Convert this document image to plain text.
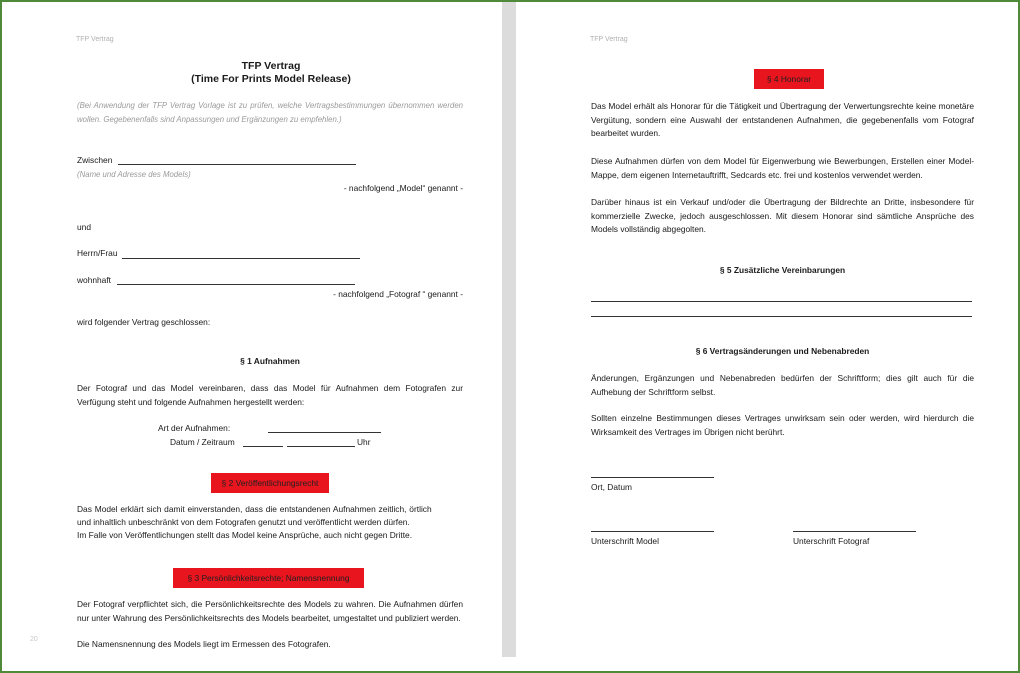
TFP Vertrag
TFP Vertrag
(Time For Prints Model Release)
(Bei Anwendung der TFP Vertrag Vorlage ist zu prüfen, welche Vertragsbestimmungen übernommen werden wollen. Gegebenenfalls sind Anpassungen und Ergänzungen zu empfehlen.)
Zwischen
(Name und Adresse des Models)
- nachfolgend „Model“ genannt -
und
Herrn/Frau
wohnhaft
- nachfolgend „Fotograf “ genannt -
wird folgender Vertrag geschlossen:
§ 1 Aufnahmen
Der Fotograf und das Model vereinbaren, dass das Model für Aufnahmen dem Fotografen zur Verfügung steht und folgende Aufnahmen hergestellt werden:
Art der Aufnahmen:
Datum / Zeitraum	Uhr
§ 2 Veröffentlichungsrecht
Das Model erklärt sich damit einverstanden, dass die entstandenen Aufnahmen zeitlich, örtlich
und inhaltlich unbeschränkt von dem Fotografen genutzt und veröffentlicht werden dürfen.
Im Falle von Veröffentlichungen stellt das Model keine Ansprüche, auch nicht gegen Dritte.
§ 3 Persönlichkeitsrechte; Namensnennung
Der Fotograf verpflichtet sich, die Persönlichkeitsrechte des Models zu wahren. Die Aufnahmen dürfen nur unter Wahrung des Persönlichkeitsrechts des Models bearbeitet, umgestaltet und publiziert werden.
Die Namensnennung des Models liegt im Ermessen des Fotografen.
20
TFP Vertrag
§ 4 Honorar
Das Model erhält als Honorar für die Tätigkeit und Übertragung der Verwertungsrechte keine monetäre Vergütung, sondern eine Auswahl der entstandenen Aufnahmen, die gegebenenfalls vom Fotograf bearbeitet wurden.
Diese Aufnahmen dürfen von dem Model für Eigenwerbung wie Bewerbungen, Erstellen einer Model-Mappe, dem eigenen Internetauftrifft, Sedcards etc. frei und kostenlos verwendet werden.
Darüber hinaus ist ein Verkauf und/oder die Übertragung der Bildrechte an Dritte, insbesondere für kommerzielle Zwecke, jedoch ausgeschlossen. Mit diesem Honorar sind sämtliche Ansprüche des Models vollständig abgegolten.
§ 5 Zusätzliche Vereinbarungen
§ 6 Vertragsänderungen und Nebenabreden
Änderungen, Ergänzungen und Nebenabreden bedürfen der Schriftform; dies gilt auch für die Aufhebung der Schriftform selbst.
Sollten einzelne Bestimmungen dieses Vertrages unwirksam sein oder werden, wird hierdurch die Wirksamkeit des Vertrages im Übrigen nicht berührt.
Ort, Datum
Unterschrift Model	Unterschrift Fotograf
